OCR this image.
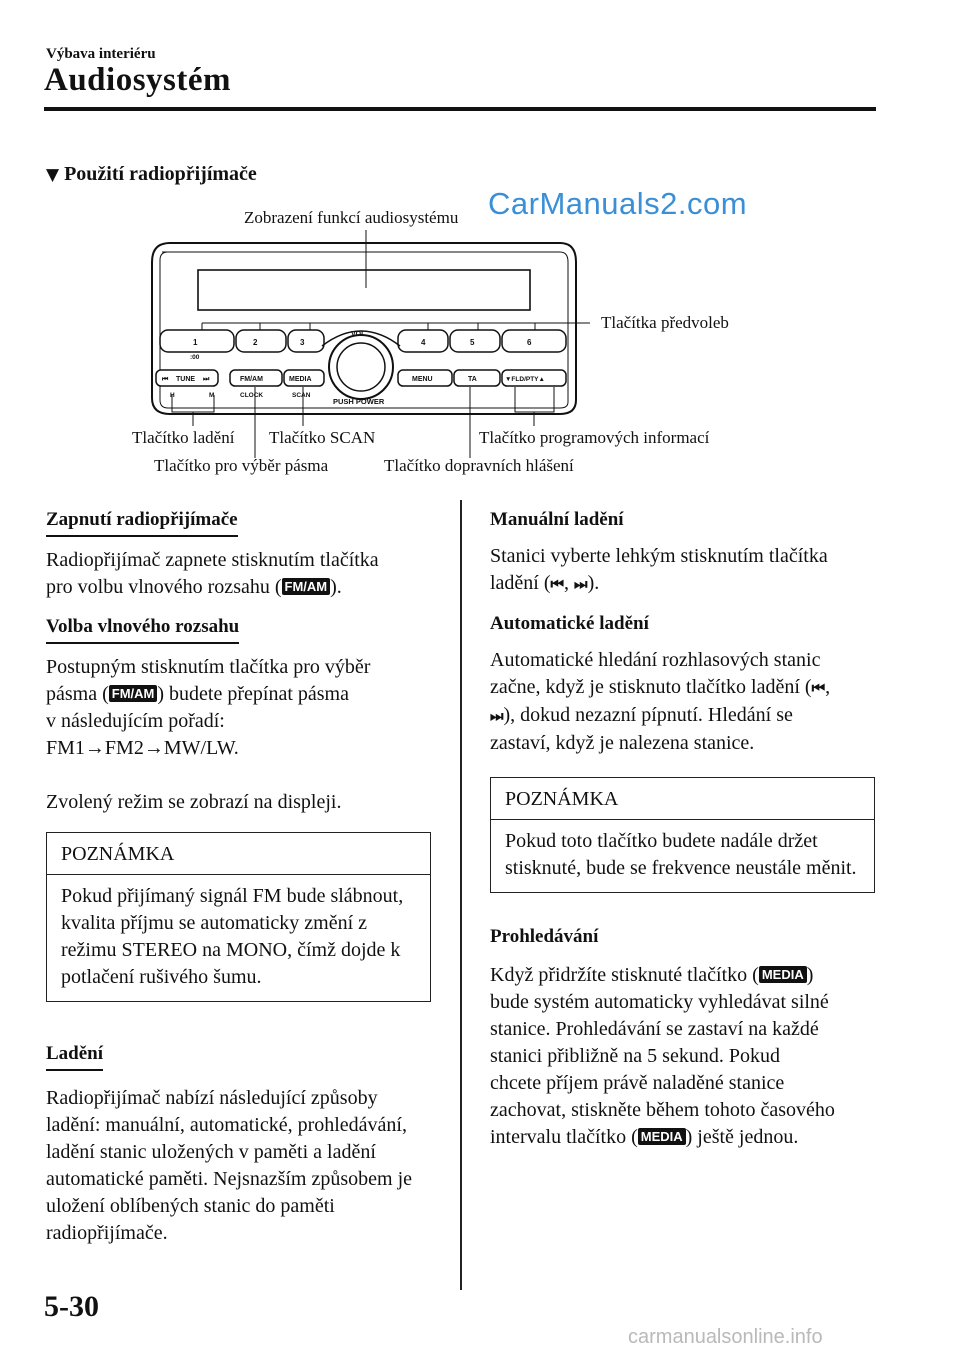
Výbava interiéru
Audiosystém
▼ Použití radiopřijímače
CarManuals2.com
VOL
PUSH POWER
1
:00
2	3	4	5	6
TUNE
⏮	⏭
H	M
FM/AM	MEDIA
CLOCK	SCAN
MENU	TA	▼FLD/PTY▲
Zobrazení funkcí audiosystému
Tlačítka předvoleb
Tlačítko ladění Tlačítko SCAN	Tlačítko programových informací
Tlačítko pro výběr pásma	Tlačítko dopravních hlášení
Zapnutí radiopřijímače

Radiopřijímač zapnete stisknutím tlačítka
pro volbu vlnového rozsahu ( FM/AM ).

Volba vlnového rozsahu

Postupným stisknutím tlačítka pro výběr
pásma ( FM/AM ) budete přepínat pásma
v následujícím pořadí:
FM1→FM2→MW/LW.

Zvolený režim se zobrazí na displeji.

POZNÁMKA
Pokud přijímaný signál FM bude slábnout, kvalita příjmu se automaticky změní z režimu STEREO na MONO, čímž dojde k potlačení rušivého šumu.
Ladění

Radiopřijímač nabízí následující způsoby ladění: manuální, automatické, prohledávání, ladění stanic uložených v paměti a ladění automatické paměti. Nejsnazším způsobem je uložení oblíbených stanic do paměti radiopřijímače.

Manuální ladění

Stanici vyberte lehkým stisknutím tlačítka
ladění (⏮, ⏭).

Automatické ladění

Automatické hledání rozhlasových stanic
začne, když je stisknuto tlačítko ladění (⏮,
⏭), dokud nezazní pípnutí. Hledání se
zastaví, když je nalezena stanice.

POZNÁMKA
Pokud toto tlačítko budete nadále držet stisknuté, bude se frekvence neustále měnit.
Prohledávání

Když přidržíte stisknuté tlačítko ( MEDIA )
bude systém automaticky vyhledávat silné
stanice. Prohledávání se zastaví na každé
stanici přibližně na 5 sekund. Pokud
chcete příjem právě naladěné stanice
zachovat, stiskněte během tohoto časového
intervalu tlačítko ( MEDIA ) ještě jednou.

5-30
carmanualsonline.info
